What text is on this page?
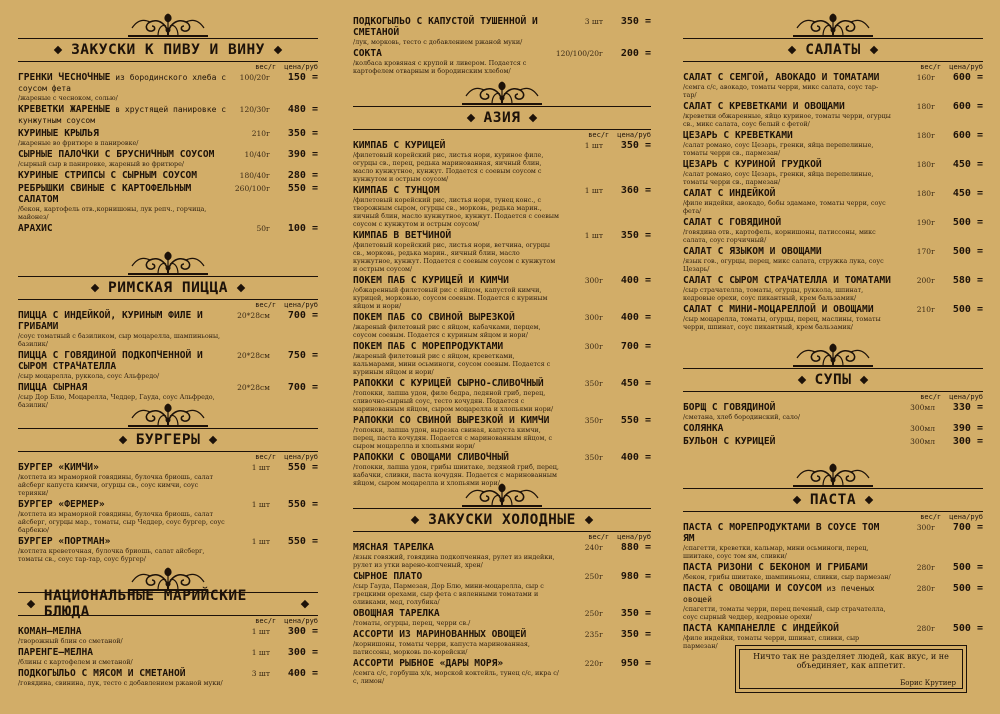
ЗАКУСКИ К ПИВУ И ВИНУ
вес/г цена/руб
ГРЕНКИ ЧЕСНОЧНЫЕ из бородинского хлеба с соусом фета
/жареные с чесноком, солью/
100/20г	150 =
КРЕВЕТКИ ЖАРЕНЫЕ в хрустящей панировке с кунжутным соусом
120/30г	480 =
КУРИНЫЕ КРЫЛЬЯ
/жареные во фритюре в панировке/
210г	350 =
СЫРНЫЕ ПАЛОЧКИ С БРУСНИЧНЫМ СОУСОМ
/сырный сыр в панировке, жареный во фритюре/
10/40г	390 =
КУРИНЫЕ СТРИПСЫ С СЫРНЫМ СОУСОМ	180/40г	280 =
РЕБРЫШКИ СВИНЫЕ С КАРТОФЕЛЬНЫМ САЛАТОМ
/бекон, картофель отв.,корнишоны, лук репч., горчица, майонез/
260/100г	550 =
АРАХИС	50г	100 =
РИМСКАЯ ПИЦЦА
вес/г цена/руб
ПИЦЦА С ИНДЕЙКОЙ, КУРИНЫМ ФИЛЕ И ГРИБАМИ
/соус томатный с базиликом, сыр моцарелла, шампиньоны, базилик/
20*28см	700 =
ПИЦЦА С ГОВЯДИНОЙ ПОДКОПЧЕННОЙ И СЫРОМ СТРАЧАТЕЛЛА
/сыр моцарелла, руккола, соус Альфредо/
20*28см	750 =
ПИЦЦА СЫРНАЯ
/сыр Дор Блю, Моцарелла, Чеддер, Гауда, соус Альфредо, базилик/
20*28см	700 =
БУРГЕРЫ
вес/г цена/руб
БУРГЕР «КИМЧИ»
/котлета из мраморной говядины, булочка бриошь, салат айсберг капуста кимчи, огурцы св., соус кимчи, соус терияки/
1 шт	550 =
БУРГЕР «ФЕРМЕР»
/котлета из мраморной говядины, булочка бриошь, салат айсберг, огурцы мар., томаты, сыр Чеддер, соус бургер, соус барбекю/
1 шт	550 =
БУРГЕР «ПОРТМАН»
/котлета креветочная, булочка бриошь, салат айсберг, томаты св., соус тар-тар, соус бургер/
1 шт	550 =
НАЦИОНАЛЬНЫЕ МАРИЙСКИЕ БЛЮДА
вес/г цена/руб
КОМАН–МЕЛНА
/творожный блин со сметаной/
1 шт	300 =
ПАРЕНГЕ–МЕЛНА
/блины с картофелем и сметаной/
1 шт	300 =
ПОДКОГЫЛЬО С МЯСОМ И СМЕТАНОЙ
/говядина, свинина, лук, тесто с добавлением ржаной муки/
3 шт	400 =
ПОДКОГЫЛЬО С КАПУСТОЙ ТУШЕННОЙ И СМЕТАНОЙ
/лук, морковь, тесто с добавлением ржаной муки/
3 шт	350 =
СОКТА
/колбаса кровяная с крупой и ливером. Подается с картофелем отварным и бородинским хлебом/
120/100/20г	200 =
АЗИЯ
вес/г цена/руб
КИМПАБ С КУРИЦЕЙ
/филетовый корейский рис, листья нори, куриное филе, огурцы св., перец, редька маринованная, яичный блин, масло кунжутное, кунжут. Подается с соевым соусом с кунжутом и острым соусом/
1 шт	350 =
КИМПАБ С ТУНЦОМ
/филетовый корейский рис, листья нори, тунец конс., с творожным сыром, огурцы св., морковь, редька марин., яичный блин, масло кунжутное, кунжут. Подается с соевым соусом с кунжутом и острым соусом/
1 шт	360 =
КИМПАБ В ВЕТЧИНОЙ
/филетовый корейский рис, листья нори, ветчина, огурцы св., морковь, редька марин., яичный блин, масло кунжутное, кунжут. Подается с соевым соусом с кунжутом и острым соусом/
1 шт	350 =
ПОКЕМ ПАБ С КУРИЦЕЙ И КИМЧИ
/обжаренный филетовый рис с яйцом, капустой кимчи, курицей, морковью, соусом соевым. Подается с куриным яйцом и нори/
300г	400 =
ПОКЕМ ПАБ СО СВИНОЙ ВЫРЕЗКОЙ
/жареный филетовый рис с яйцом, кабачками, перцем, соусом соевым. Подается с куриным яйцом и нори/
300г	400 =
ПОКЕМ ПАБ С МОРЕПРОДУКТАМИ
/жареный филетовый рис с яйцом, креветками, кальмарами, мини осьминоги, соусом соевым. Подается с куриным яйцом и нори/
300г	700 =
РАПОККИ С КУРИЦЕЙ СЫРНО-СЛИВОЧНЫЙ
/топокки, лапша удон, филе бедра, ледяной гриб, перец, сливочно-сырный соус, тесто кочудян. Подается с маринованным яйцом, сыром моцарелла и хлопьями нори/
350г	450 =
РАПОККИ СО СВИНОЙ ВЫРЕЗКОЙ И КИМЧИ
/топокки, лапша удон, вырезка свиная, капуста кимчи, перец, паста кочудян. Подается с маринованным яйцом, с сыром моцарелла и хлопьями нори/
350г	550 =
РАПОККИ С ОВОЩАМИ СЛИВОЧНЫЙ
/топокки, лапша удон, грибы шиитаке, ледяной гриб, перец, кабачки, сливки, паста кочудян. Подается с маринованным яйцом, сыром моцарелла и хлопьями нори/
350г	400 =
ЗАКУСКИ ХОЛОДНЫЕ
вес/г цена/руб
МЯСНАЯ ТАРЕЛКА
/язык говяжий, говядина подкопченная, рулет из индейки, рулет из утки варено-копченый, хрен/
240г	880 =
СЫРНОЕ ПЛАТО
/сыр Гауда, Пармезан, Дор Блю, мини-моцарелла, сыр с грецкими орехами, сыр фета с вяленными томатами и оливками, мед, голубика/
250г	980 =
ОВОЩНАЯ ТАРЕЛКА
/томаты, огурцы, перец, черри св./
250г	350 =
АССОРТИ ИЗ МАРИНОВАННЫХ ОВОЩЕЙ
/корнишоны, томаты черри, капуста маринованная, патиссоны, морковь по-корейски/
235г	350 =
АССОРТИ РЫБНОЕ «ДАРЫ МОРЯ»
/семга с/с, горбуша х/к, морской коктейль, тунец с/с, икра с/с, лимон/
220г	950 =
САЛАТЫ
вес/г цена/руб
САЛАТ С СЕМГОЙ, АВОКАДО И ТОМАТАМИ
/семга с/с, авокадо, томаты черри, микс салата, соус тар-тар/
160г	600 =
САЛАТ С КРЕВЕТКАМИ И ОВОЩАМИ
/креветки обжаренные, яйцо куриное, томаты черри, огурцы св., микс салата, соус белый с фетой/
180г	600 =
ЦЕЗАРЬ С КРЕВЕТКАМИ
/салат романо, соус Цезарь, гренки, яйца перепелиные, томаты черри св., пармезан/
180г	600 =
ЦЕЗАРЬ С КУРИНОЙ ГРУДКОЙ
/салат романо, соус Цезарь, гренки, яйца перепелиные, томаты черри св., пармезан/
180г	450 =
САЛАТ С ИНДЕЙКОЙ
/филе индейки, авокадо, бобы эдамаме, томаты черри, соус фета/
180г	450 =
САЛАТ С ГОВЯДИНОЙ
/говядина отв., картофель, корнишоны, патиссоны, микс салата, соус горчичный/
190г	500 =
САЛАТ С ЯЗЫКОМ И ОВОЩАМИ
/язык гов., огурцы, перец, микс салата, стружка лука, соус Цезарь/
170г	500 =
САЛАТ С СЫРОМ СТРАЧАТЕЛЛА И ТОМАТАМИ
/сыр страчателла, томаты, огурцы, руккола, шпинат, кедровые орехи, соус пикантный, крем бальзамик/
200г	580 =
САЛАТ С МИНИ-МОЦАРЕЛЛОЙ И ОВОЩАМИ
/сыр моцарелла, томаты, огурцы, перец, маслины, томаты черри, шпинат, соус пикантный, крем бальзамик/
210г	500 =
СУПЫ
вес/г цена/руб
БОРЩ С ГОВЯДИНОЙ
/сметана, хлеб бородинский, сало/
300мл	330 =
СОЛЯНКА	300мл	390 =
БУЛЬОН С КУРИЦЕЙ	300мл	300 =
ПАСТА
вес/г цена/руб
ПАСТА С МОРЕПРОДУКТАМИ В СОУСЕ ТОМ ЯМ
/спагетти, креветки, кальмар, мини осьминоги, перец, шиитаке, соус том ям, сливки/
300г	700 =
ПАСТА РИЗОНИ С БЕКОНОМ И ГРИБАМИ
/бекон, грибы шиитаке, шампиньоны, сливки, сыр пармезан/
280г	500 =
ПАСТА С ОВОЩАМИ И СОУСОМ из печеных овощей
/спагетти, томаты черри, перец печеный, сыр страчателла, соус сырный чеддер, кедровые орехи/
280г	500 =
ПАСТА КАМПАНЕЛЛЕ С ИНДЕЙКОЙ
/филе индейки, томаты черри, шпинат, сливки, сыр пармезан/
280г	500 =
Ничто так не разделяет людей, как вкус, и не объединяет, как аппетит.
Борис Крутиер
